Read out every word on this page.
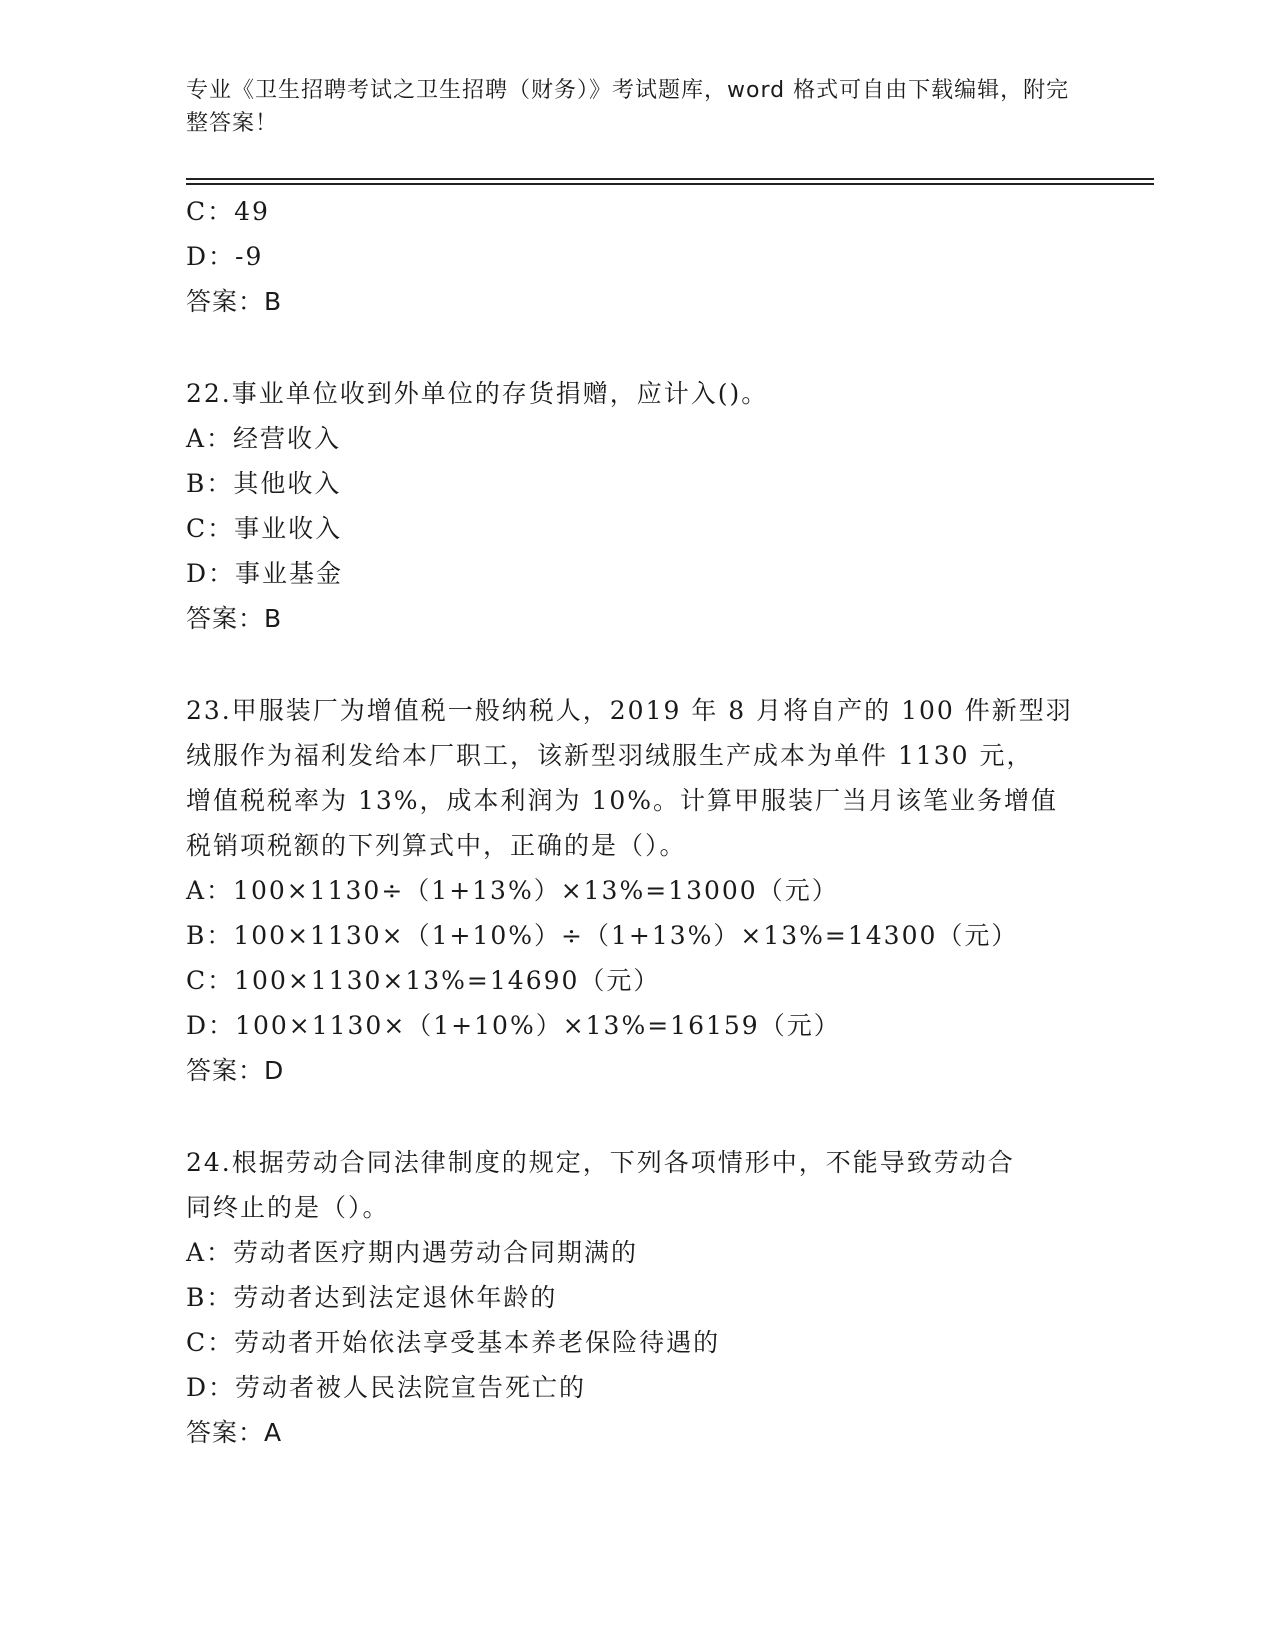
专业《卫生招聘考试之卫生招聘（财务）》考试题库，word 格式可自由下载编辑，附完整答案！
C：49
D：-9
答案：B
22.事业单位收到外单位的存货捐赠，应计入()。
A：经营收入
B：其他收入
C：事业收入
D：事业基金
答案：B
23.甲服装厂为增值税一般纳税人，2019 年 8 月将自产的 100 件新型羽
绒服作为福利发给本厂职工，该新型羽绒服生产成本为单件 1130 元，
增值税税率为 13%，成本利润为 10%。计算甲服装厂当月该笔业务增值
税销项税额的下列算式中，正确的是（）。
A：100×1130÷（1+13%）×13%=13000（元）
B：100×1130×（1+10%）÷（1+13%）×13%=14300（元）
C：100×1130×13%=14690（元）
D：100×1130×（1+10%）×13%=16159（元）
答案：D
24.根据劳动合同法律制度的规定，下列各项情形中，不能导致劳动合
同终止的是（）。
A：劳动者医疗期内遇劳动合同期满的
B：劳动者达到法定退休年龄的
C：劳动者开始依法享受基本养老保险待遇的
D：劳动者被人民法院宣告死亡的
答案：A
